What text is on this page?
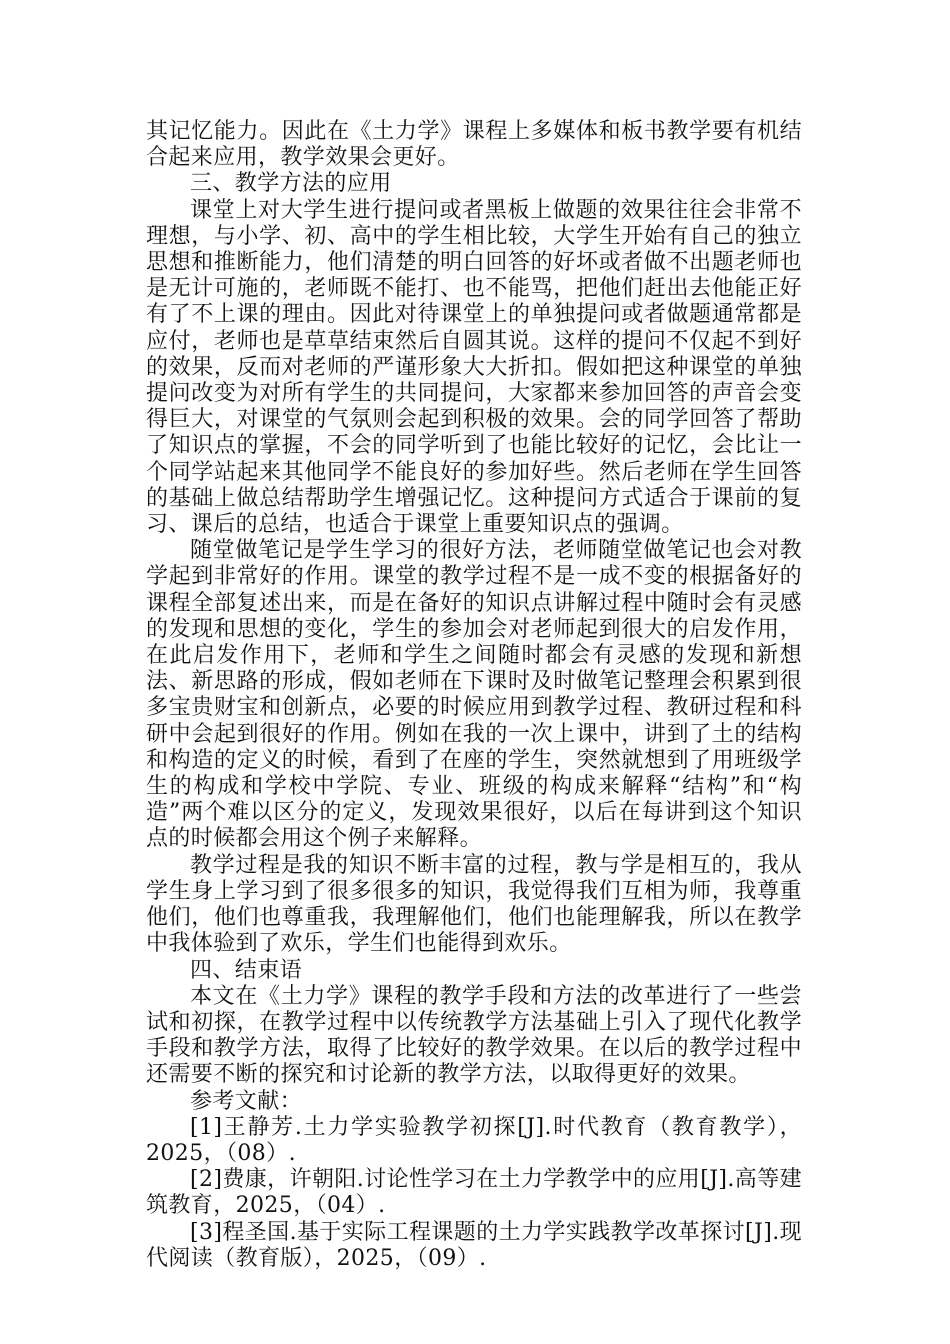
其记忆能力。因此在《土力学》课程上多媒体和板书教学要有机结合起来应用，教学效果会更好。

三、教学方法的应用

课堂上对大学生进行提问或者黑板上做题的效果往往会非常不理想，与小学、初、高中的学生相比较，大学生开始有自己的独立思想和推断能力，他们清楚的明白回答的好坏或者做不出题老师也是无计可施的，老师既不能打、也不能骂，把他们赶出去他能正好有了不上课的理由。因此对待课堂上的单独提问或者做题通常都是应付，老师也是草草结束然后自圆其说。这样的提问不仅起不到好的效果，反而对老师的严谨形象大大折扣。假如把这种课堂的单独提问改变为对所有学生的共同提问，大家都来参加回答的声音会变得巨大，对课堂的气氛则会起到积极的效果。会的同学回答了帮助了知识点的掌握，不会的同学听到了也能比较好的记忆，会比让一个同学站起来其他同学不能良好的参加好些。然后老师在学生回答的基础上做总结帮助学生增强记忆。这种提问方式适合于课前的复习、课后的总结，也适合于课堂上重要知识点的强调。

随堂做笔记是学生学习的很好方法，老师随堂做笔记也会对教学起到非常好的作用。课堂的教学过程不是一成不变的根据备好的课程全部复述出来，而是在备好的知识点讲解过程中随时会有灵感的发现和思想的变化，学生的参加会对老师起到很大的启发作用，在此启发作用下，老师和学生之间随时都会有灵感的发现和新想法、新思路的形成，假如老师在下课时及时做笔记整理会积累到很多宝贵财宝和创新点，必要的时候应用到教学过程、教研过程和科研中会起到很好的作用。例如在我的一次上课中，讲到了土的结构和构造的定义的时候，看到了在座的学生，突然就想到了用班级学生的构成和学校中学院、专业、班级的构成来解释“结构”和“构造”两个难以区分的定义，发现效果很好，以后在每讲到这个知识点的时候都会用这个例子来解释。

教学过程是我的知识不断丰富的过程，教与学是相互的，我从学生身上学习到了很多很多的知识，我觉得我们互相为师，我尊重他们，他们也尊重我，我理解他们，他们也能理解我，所以在教学中我体验到了欢乐，学生们也能得到欢乐。

四、结束语

本文在《土力学》课程的教学手段和方法的改革进行了一些尝试和初探，在教学过程中以传统教学方法基础上引入了现代化教学手段和教学方法，取得了比较好的教学效果。在以后的教学过程中还需要不断的探究和讨论新的教学方法，以取得更好的效果。

参考文献：

[1]王静芳.土力学实验教学初探[J].时代教育（教育教学），2025，（08）.

[2]费康，许朝阳.讨论性学习在土力学教学中的应用[J].高等建筑教育，2025，（04）.

[3]程圣国.基于实际工程课题的土力学实践教学改革探讨[J].现代阅读（教育版），2025，（09）.
